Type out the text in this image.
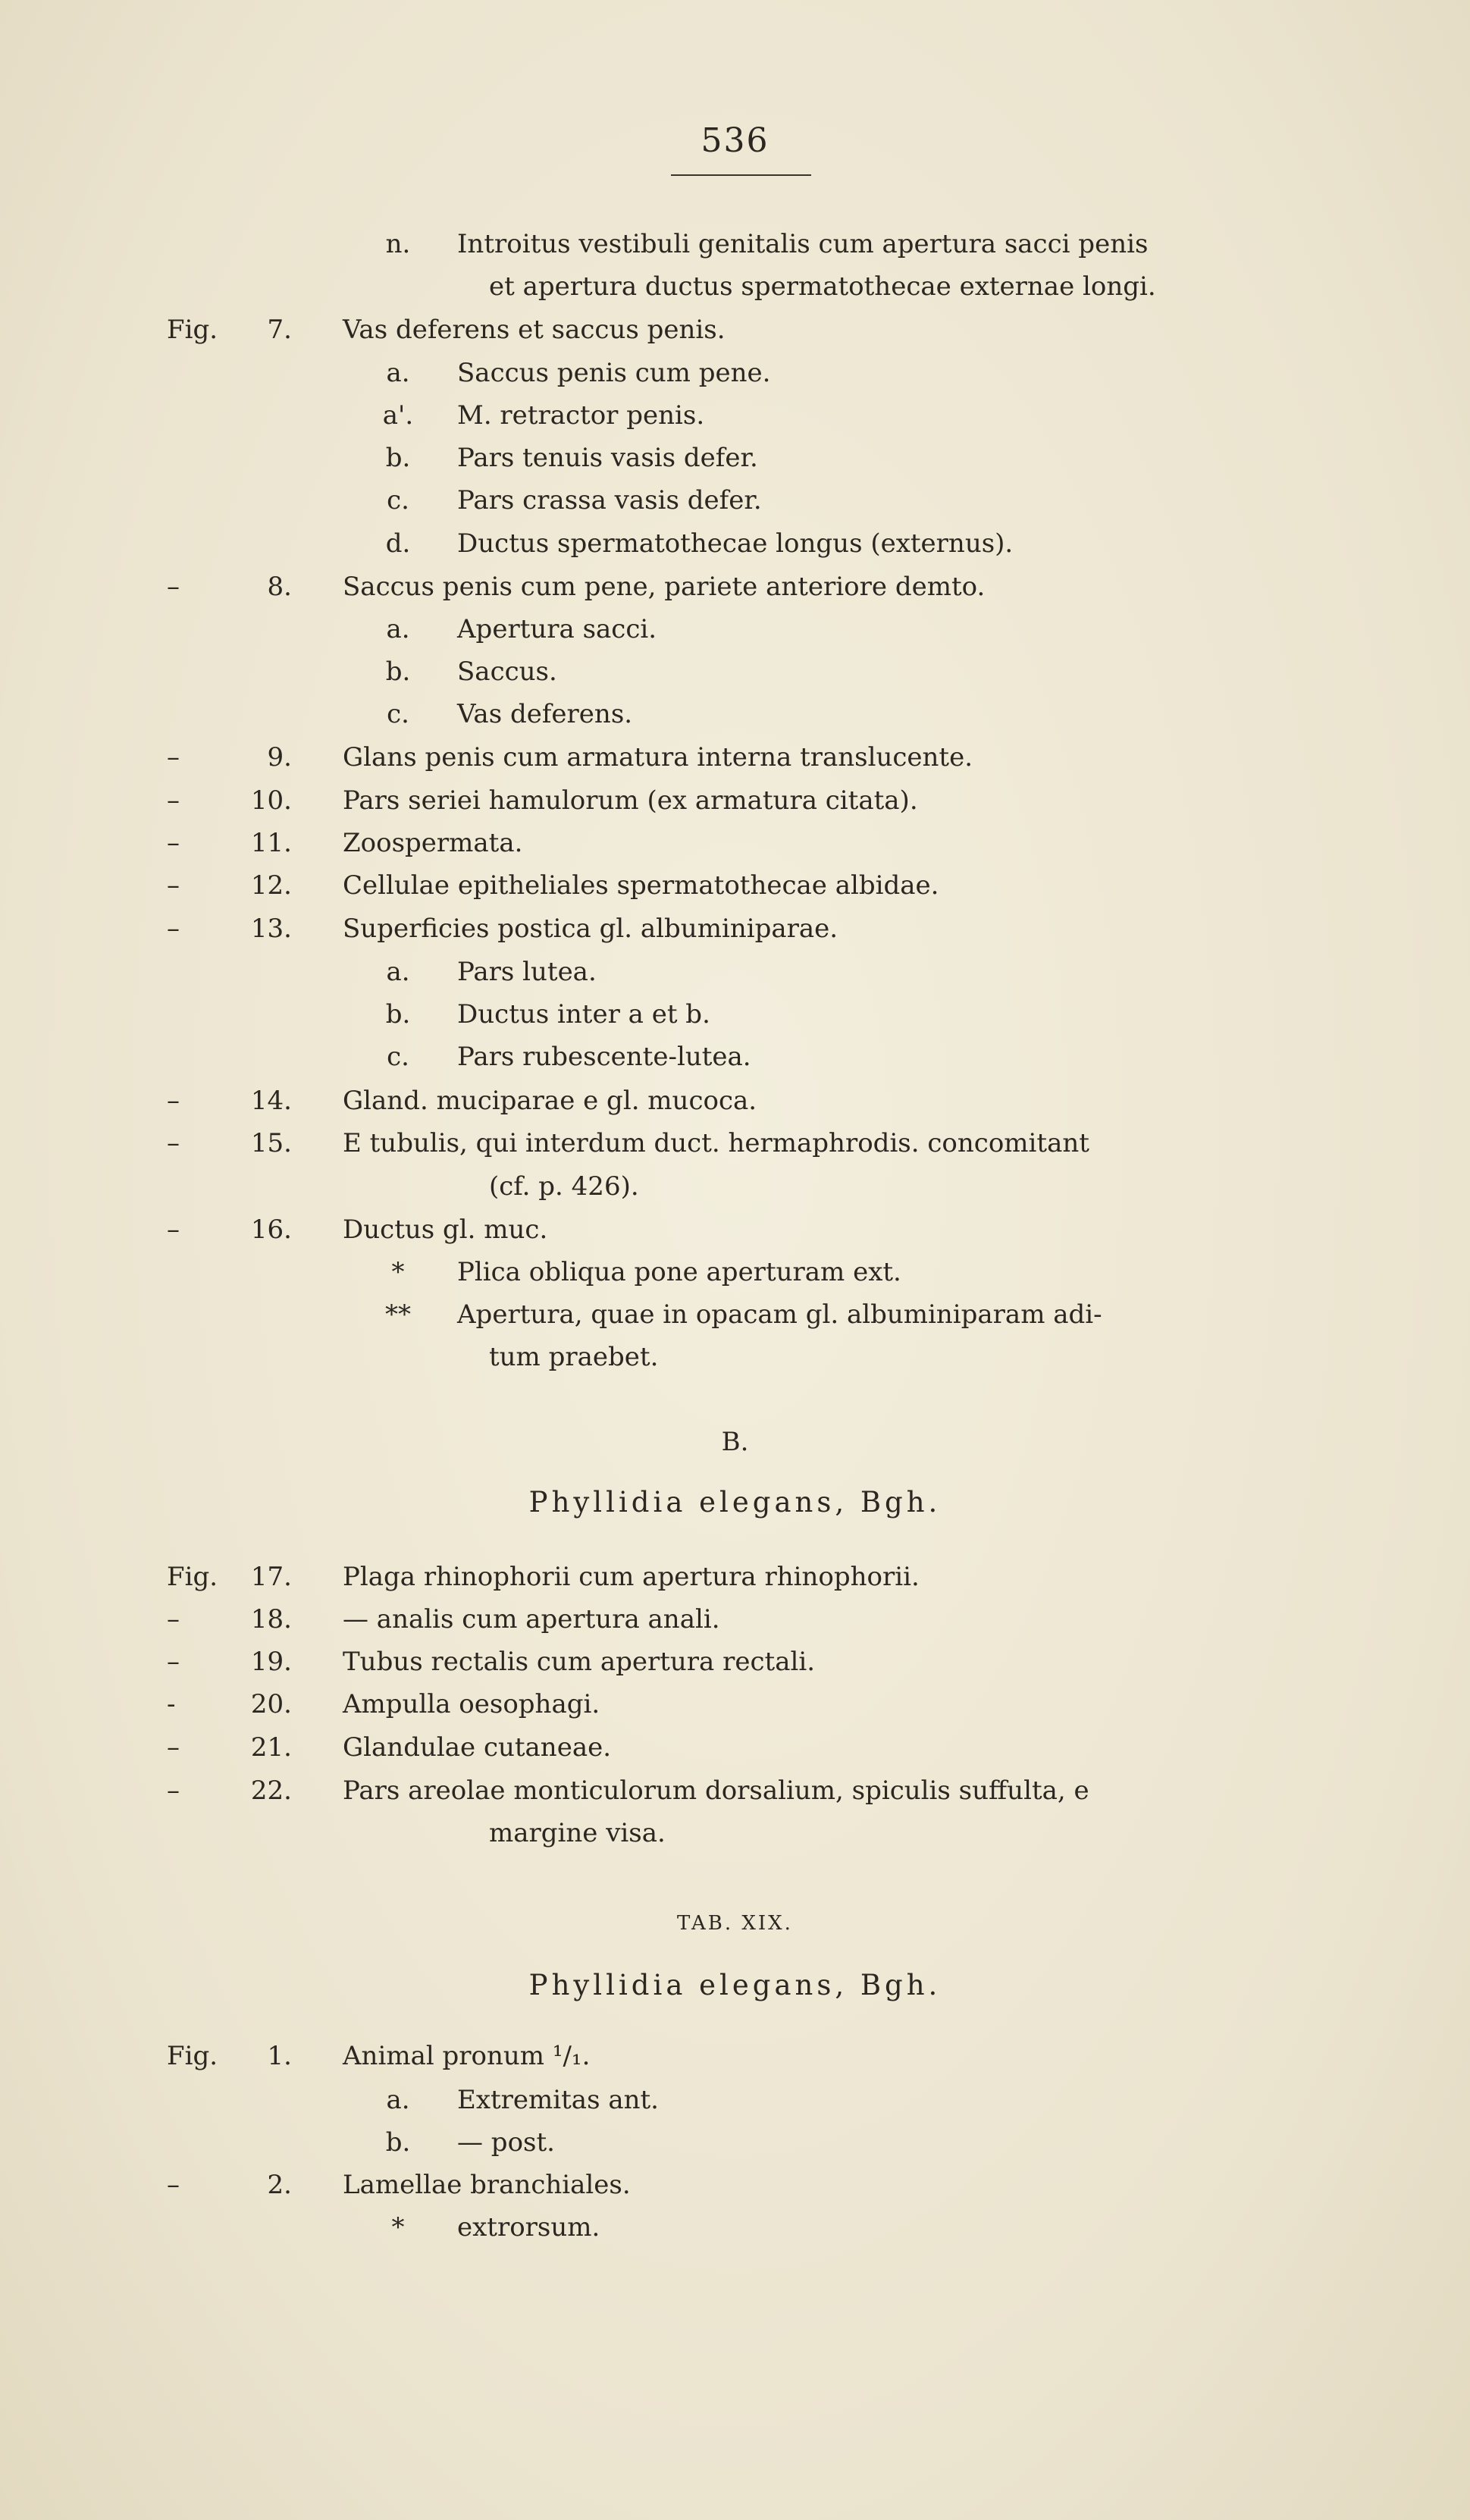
536
n.	Introitus vestibuli genitalis cum apertura sacci penis
et apertura ductus spermatothecae externae longi.
Fig.	7. Vas deferens et saccus penis.
a.	Saccus penis cum pene.
a'.	M. retractor penis.
b.	Pars tenuis vasis defer.
c.	Pars crassa vasis defer.
d.	Ductus spermatothecae longus (externus).
–	8. Saccus penis cum pene, pariete anteriore demto.
a.	Apertura sacci.
b.	Saccus.
c.	Vas deferens.
–	9. Glans penis cum armatura interna translucente.
–	10. Pars seriei hamulorum (ex armatura citata).
–	11. Zoospermata.
–	12. Cellulae epitheliales spermatothecae albidae.
–	13. Superficies postica gl. albuminiparae.
a.	Pars lutea.
b.	Ductus inter a et b.
c.	Pars rubescente-lutea.
–	14. Gland. muciparae e gl. mucoca.
–	15. E tubulis, qui interdum duct. hermaphrodis. concomitant
(cf. p. 426).
–	16. Ductus gl. muc.
*	Plica obliqua pone aperturam ext.
**	Apertura, quae in opacam gl. albuminiparam adi-
tum praebet.
B.
Phyllidia elegans, Bgh.
Fig.	17. Plaga rhinophorii cum apertura rhinophorii.
–	18. — analis cum apertura anali.
–	19. Tubus rectalis cum apertura rectali.
-	20. Ampulla oesophagi.
–	21. Glandulae cutaneae.
–	22. Pars areolae monticulorum dorsalium, spiculis suffulta, e
margine visa.
TAB. XIX.
Phyllidia elegans, Bgh.
Fig.	1. Animal pronum ¹/₁.
a.	Extremitas ant.
b.	— post.
–	2. Lamellae branchiales.
*	extrorsum.
